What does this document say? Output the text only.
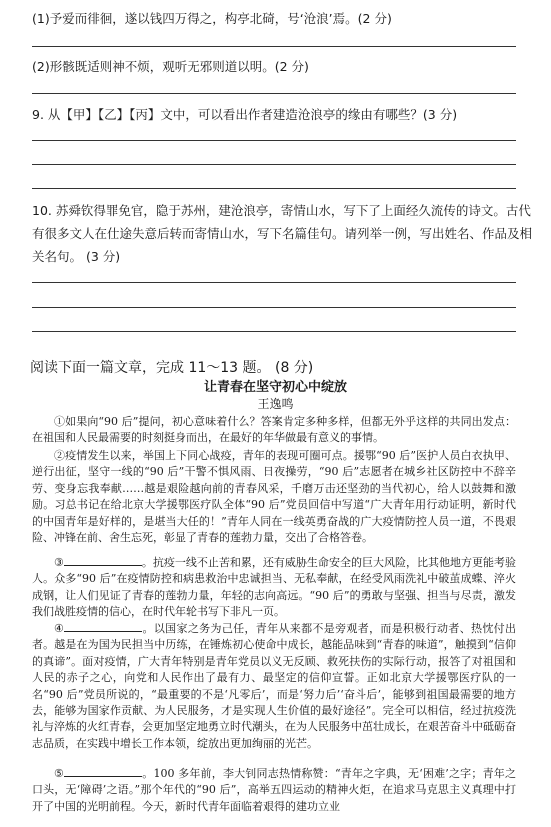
(1)予爱而徘徊，遂以钱四万得之，构亭北碕，号‘沧浪’焉。(2 分)
(2)形骸既适则神不烦，观听无邪则道以明。(2 分)
9. 从【甲】【乙】【丙】文中，可以看出作者建造沧浪亭的缘由有哪些？(3 分)
10. 苏舜钦得罪免官，隐于苏州，建沧浪亭，寄情山水，写下了上面经久流传的诗文。古代
有很多文人在仕途失意后转而寄情山水，写下名篇佳句。请列举一例，写出姓名、作品及相
关名句。 (3 分)
阅读下面一篇文章，完成 11～13 题。 (8 分)
让青春在坚守初心中绽放
王逸鸣
①如果向“90 后”提问，初心意味着什么？答案肯定多种多样，但都无外乎这样的共同出发点：在祖国和人民最需要的时刻挺身而出，在最好的年华做最有意义的事情。
②疫情发生以来，举国上下同心战疫，青年的表现可圈可点。援鄂“90 后”医护人员白衣执甲、逆行出征，坚守一线的“90 后”干警不惧风雨、日夜操劳，“90 后”志愿者在城乡社区防控中不辞辛劳、变身忘我奉献……越是艰险越向前的青春风采，千磨万击还坚劲的当代初心，给人以鼓舞和激励。习总书记在给北京大学援鄂医疗队全体“90 后”党员回信中写道“广大青年用行动证明，新时代的中国青年是好样的，是堪当大任的！”青年人同在一线英勇奋战的广大疫情防控人员一道，不畏艰险、冲锋在前、舍生忘死，彰显了青春的莲勃力量，交出了合格答卷。
③	。抗疫一线不止苦和累，还有威胁生命安全的巨大风险，比其他地方更能考验人。众多“90 后”在疫情防控和病患救治中忠诚担当、无私奉献，在经受风雨洗礼中破茧成蝶、淬火成钢，让人们见证了青春的莲勃力量，年轻的志向高远。“90 后”的勇敢与坚强、担当与尽责，激发我们战胜疫情的信心，在时代年轮书写下非凡一页。
④	。以国家之务为己任，青年从来都不是旁观者，而是积极行动者、热忱付出者。越是在为国为民担当中历练，在锤炼初心使命中成长，越能品味到“青春的味道”，触摸到“信仰的真谛”。面对疫情，广大青年特别是青年党员以义无反顾、救死扶伤的实际行动，报答了对祖国和人民的赤子之心，向党和人民作出了最有力、最坚定的信仰宣誓。正如北京大学援鄂医疗队的一名“90 后”党员所说的，“最重要的不是‘凡零后’，而是‘努力后’‘奋斗后’，能够到祖国最需要的地方去，能够为国家作贡献、为人民服务，才是实现人生价值的最好途径”。完全可以相信，经过抗疫洗礼与淬炼的火红青春，会更加坚定地勇立时代潮头，在为人民服务中茁壮成长，在艰苦奋斗中砥砺奋志品质，在实践中增长工作本领，绽放出更加绚丽的光芒。
⑤	。100 多年前，李大钊同志热情称赞：“青年之字典，无‘困难’之字；青年之口头，无‘障碍’之语。”那个年代的“90 后”，高举五四运动的精神火炬，在追求马克思主义真理中打开了中国的光明前程。今天，新时代青年面临着艰得的建功立业
